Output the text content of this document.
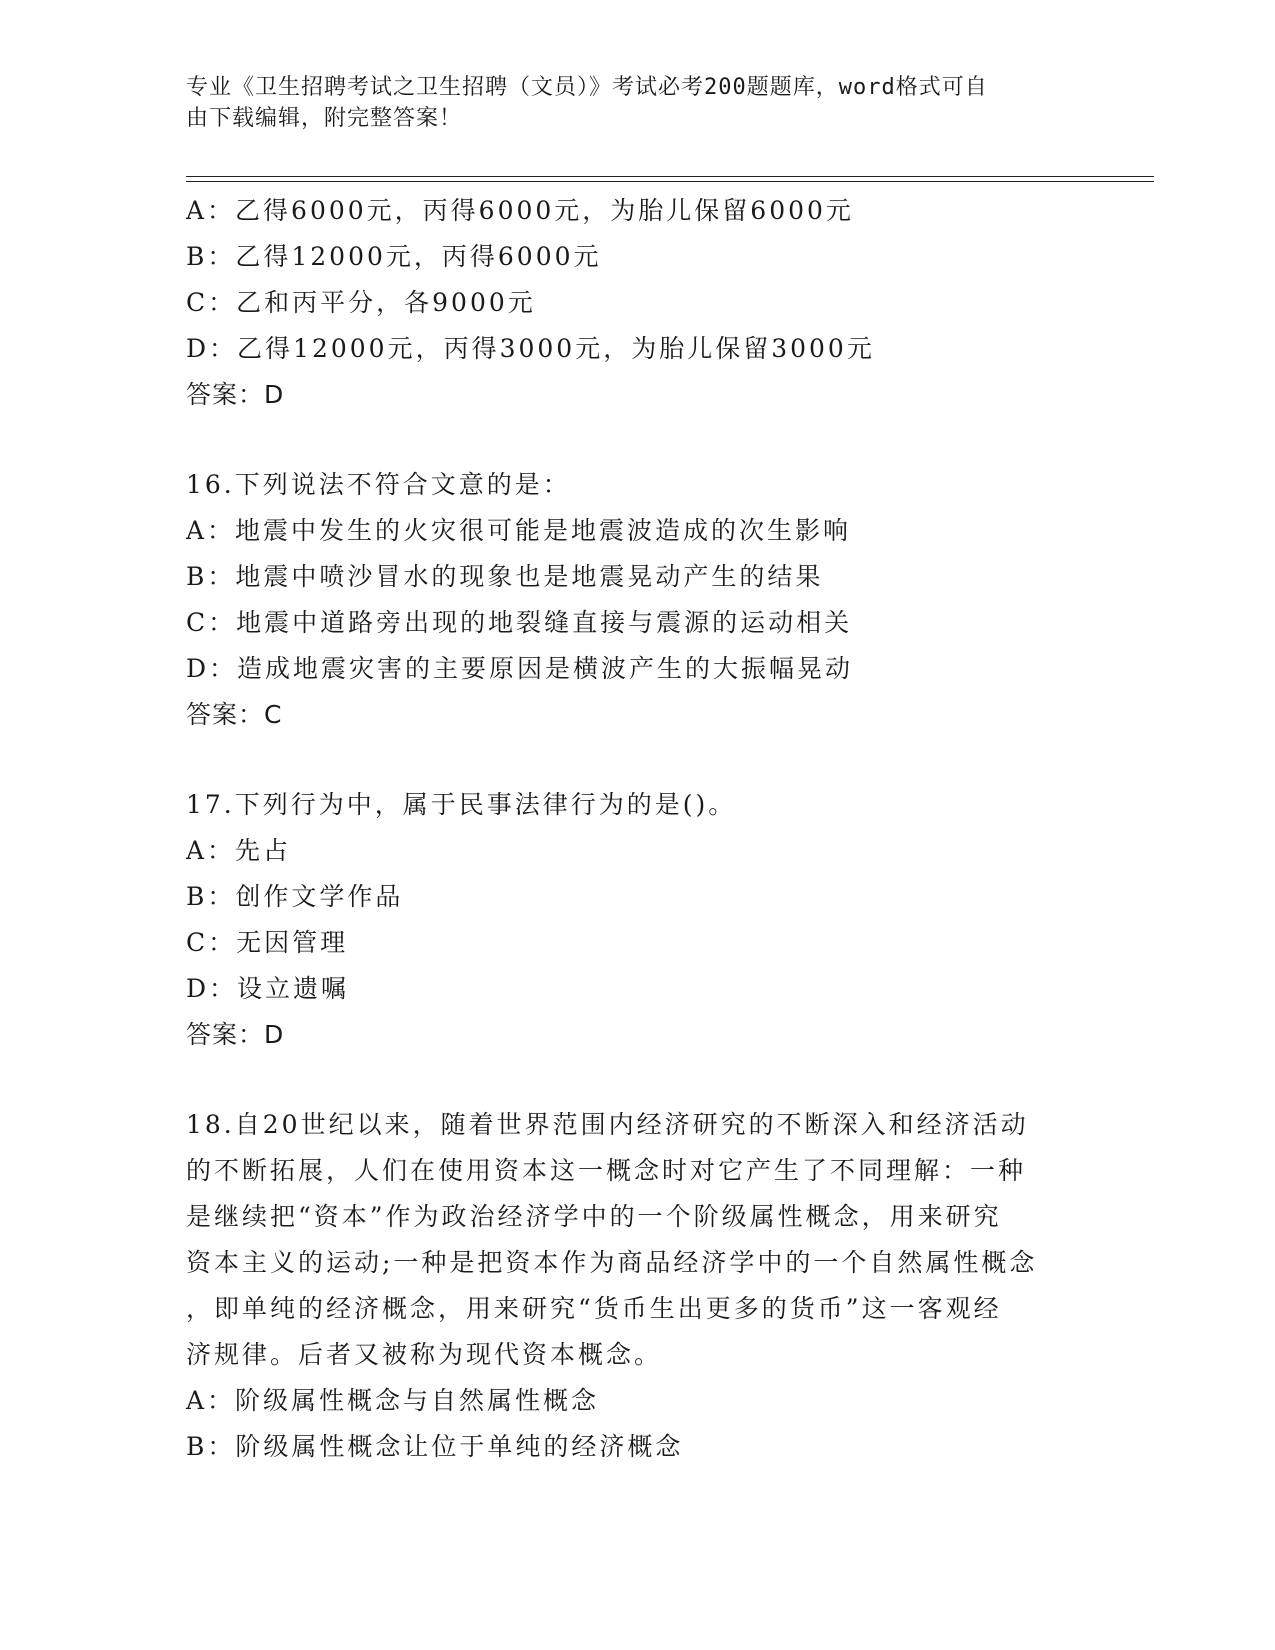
专业《卫生招聘考试之卫生招聘（文员）》考试必考200题题库，word格式可自
由下载编辑，附完整答案！
A：乙得6000元，丙得6000元，为胎儿保留6000元
B：乙得12000元，丙得6000元
C：乙和丙平分，各9000元
D：乙得12000元，丙得3000元，为胎儿保留3000元
答案：D
16.下列说法不符合文意的是：
A：地震中发生的火灾很可能是地震波造成的次生影响
B：地震中喷沙冒水的现象也是地震晃动产生的结果
C：地震中道路旁出现的地裂缝直接与震源的运动相关
D：造成地震灾害的主要原因是横波产生的大振幅晃动
答案：C
17.下列行为中，属于民事法律行为的是()。
A：先占
B：创作文学作品
C：无因管理
D：设立遗嘱
答案：D
18.自20世纪以来，随着世界范围内经济研究的不断深入和经济活动
的不断拓展，人们在使用资本这一概念时对它产生了不同理解：一种
是继续把“资本”作为政治经济学中的一个阶级属性概念，用来研究
资本主义的运动;一种是把资本作为商品经济学中的一个自然属性概念
，即单纯的经济概念，用来研究“货币生出更多的货币”这一客观经
济规律。后者又被称为现代资本概念。
A：阶级属性概念与自然属性概念
B：阶级属性概念让位于单纯的经济概念
